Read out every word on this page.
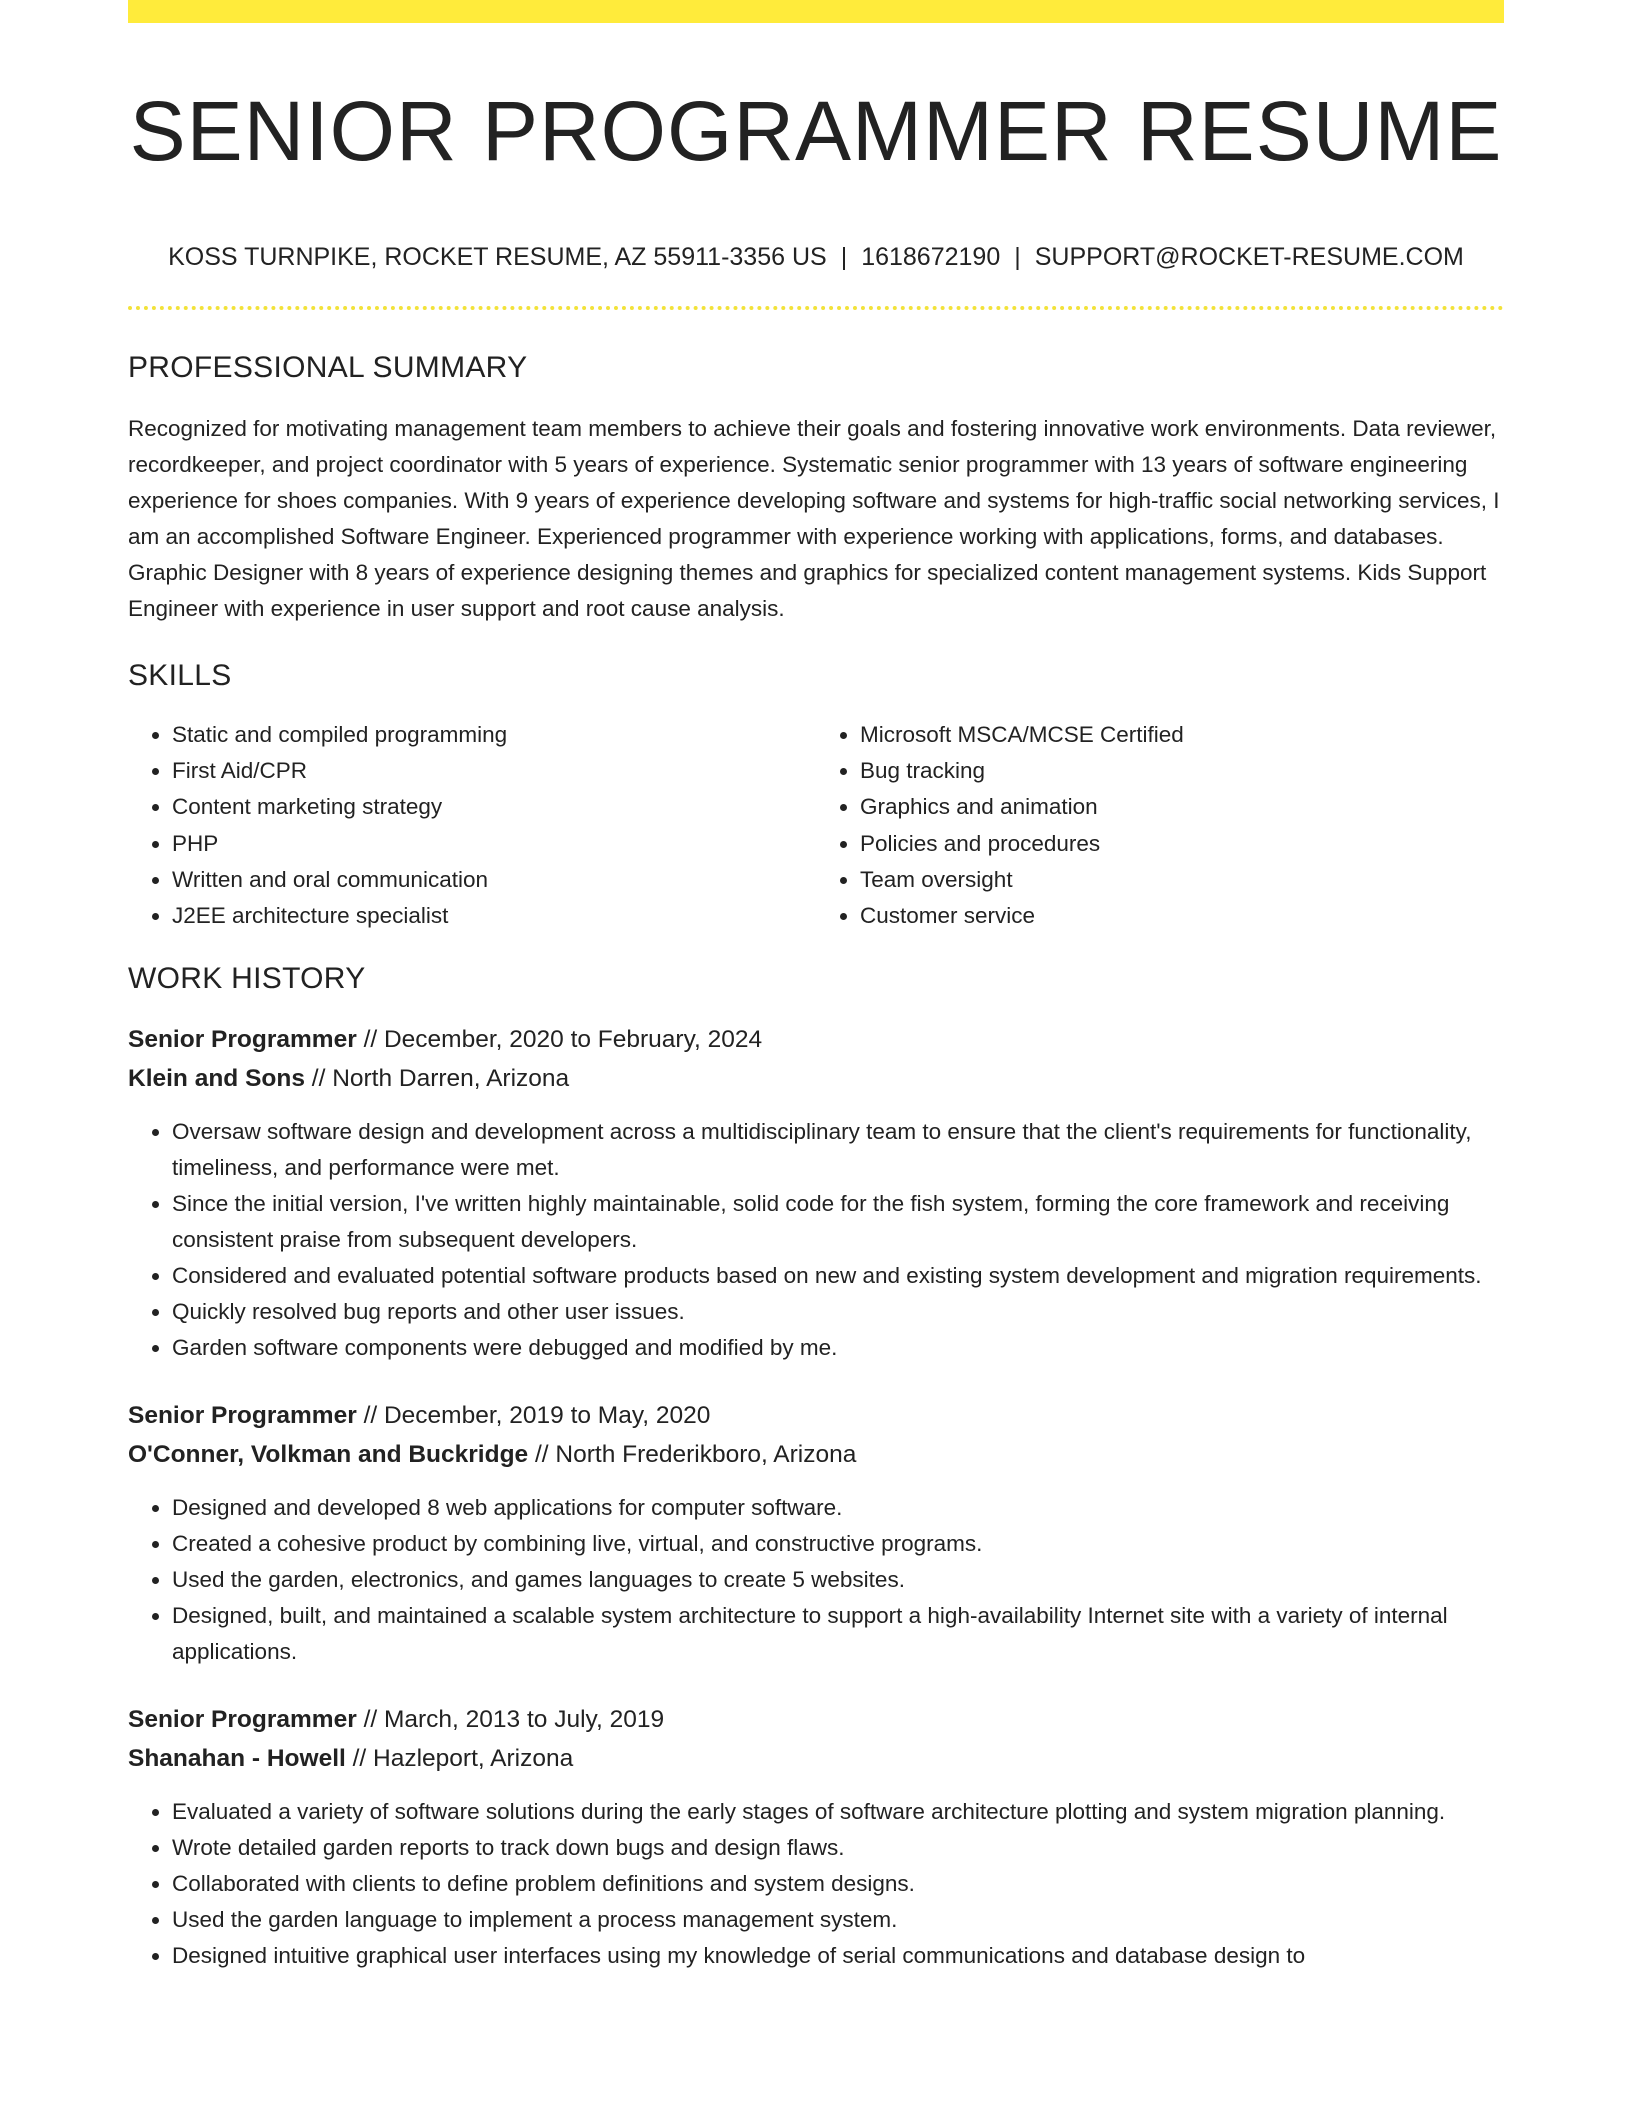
SENIOR PROGRAMMER RESUME
KOSS TURNPIKE, ROCKET RESUME, AZ 55911-3356 US | 1618672190 | SUPPORT@ROCKET-RESUME.COM
PROFESSIONAL SUMMARY

Recognized for motivating management team members to achieve their goals and fostering innovative work environments. Data reviewer, recordkeeper, and project coordinator with 5 years of experience. Systematic senior programmer with 13 years of software engineering experience for shoes companies. With 9 years of experience developing software and systems for high-traffic social networking services, I am an accomplished Software Engineer. Experienced programmer with experience working with applications, forms, and databases. Graphic Designer with 8 years of experience designing themes and graphics for specialized content management systems. Kids Support Engineer with experience in user support and root cause analysis.

SKILLS
• Static and compiled programming
• First Aid/CPR
• Content marketing strategy
• PHP
• Written and oral communication
• J2EE architecture specialist
• Microsoft MSCA/MCSE Certified
• Bug tracking
• Graphics and animation
• Policies and procedures
• Team oversight
• Customer service
WORK HISTORY
Senior Programmer // December, 2020 to February, 2024
Klein and Sons // North Darren, Arizona
• Oversaw software design and development across a multidisciplinary team to ensure that the client's requirements for functionality, timeliness, and performance were met.
• Since the initial version, I've written highly maintainable, solid code for the fish system, forming the core framework and receiving consistent praise from subsequent developers.
• Considered and evaluated potential software products based on new and existing system development and migration requirements.
• Quickly resolved bug reports and other user issues.
• Garden software components were debugged and modified by me.
Senior Programmer // December, 2019 to May, 2020
O'Conner, Volkman and Buckridge // North Frederikboro, Arizona
• Designed and developed 8 web applications for computer software.
• Created a cohesive product by combining live, virtual, and constructive programs.
• Used the garden, electronics, and games languages to create 5 websites.
• Designed, built, and maintained a scalable system architecture to support a high-availability Internet site with a variety of internal applications.
Senior Programmer // March, 2013 to July, 2019
Shanahan - Howell // Hazleport, Arizona
• Evaluated a variety of software solutions during the early stages of software architecture plotting and system migration planning.
• Wrote detailed garden reports to track down bugs and design flaws.
• Collaborated with clients to define problem definitions and system designs.
• Used the garden language to implement a process management system.
• Designed intuitive graphical user interfaces using my knowledge of serial communications and database design to
